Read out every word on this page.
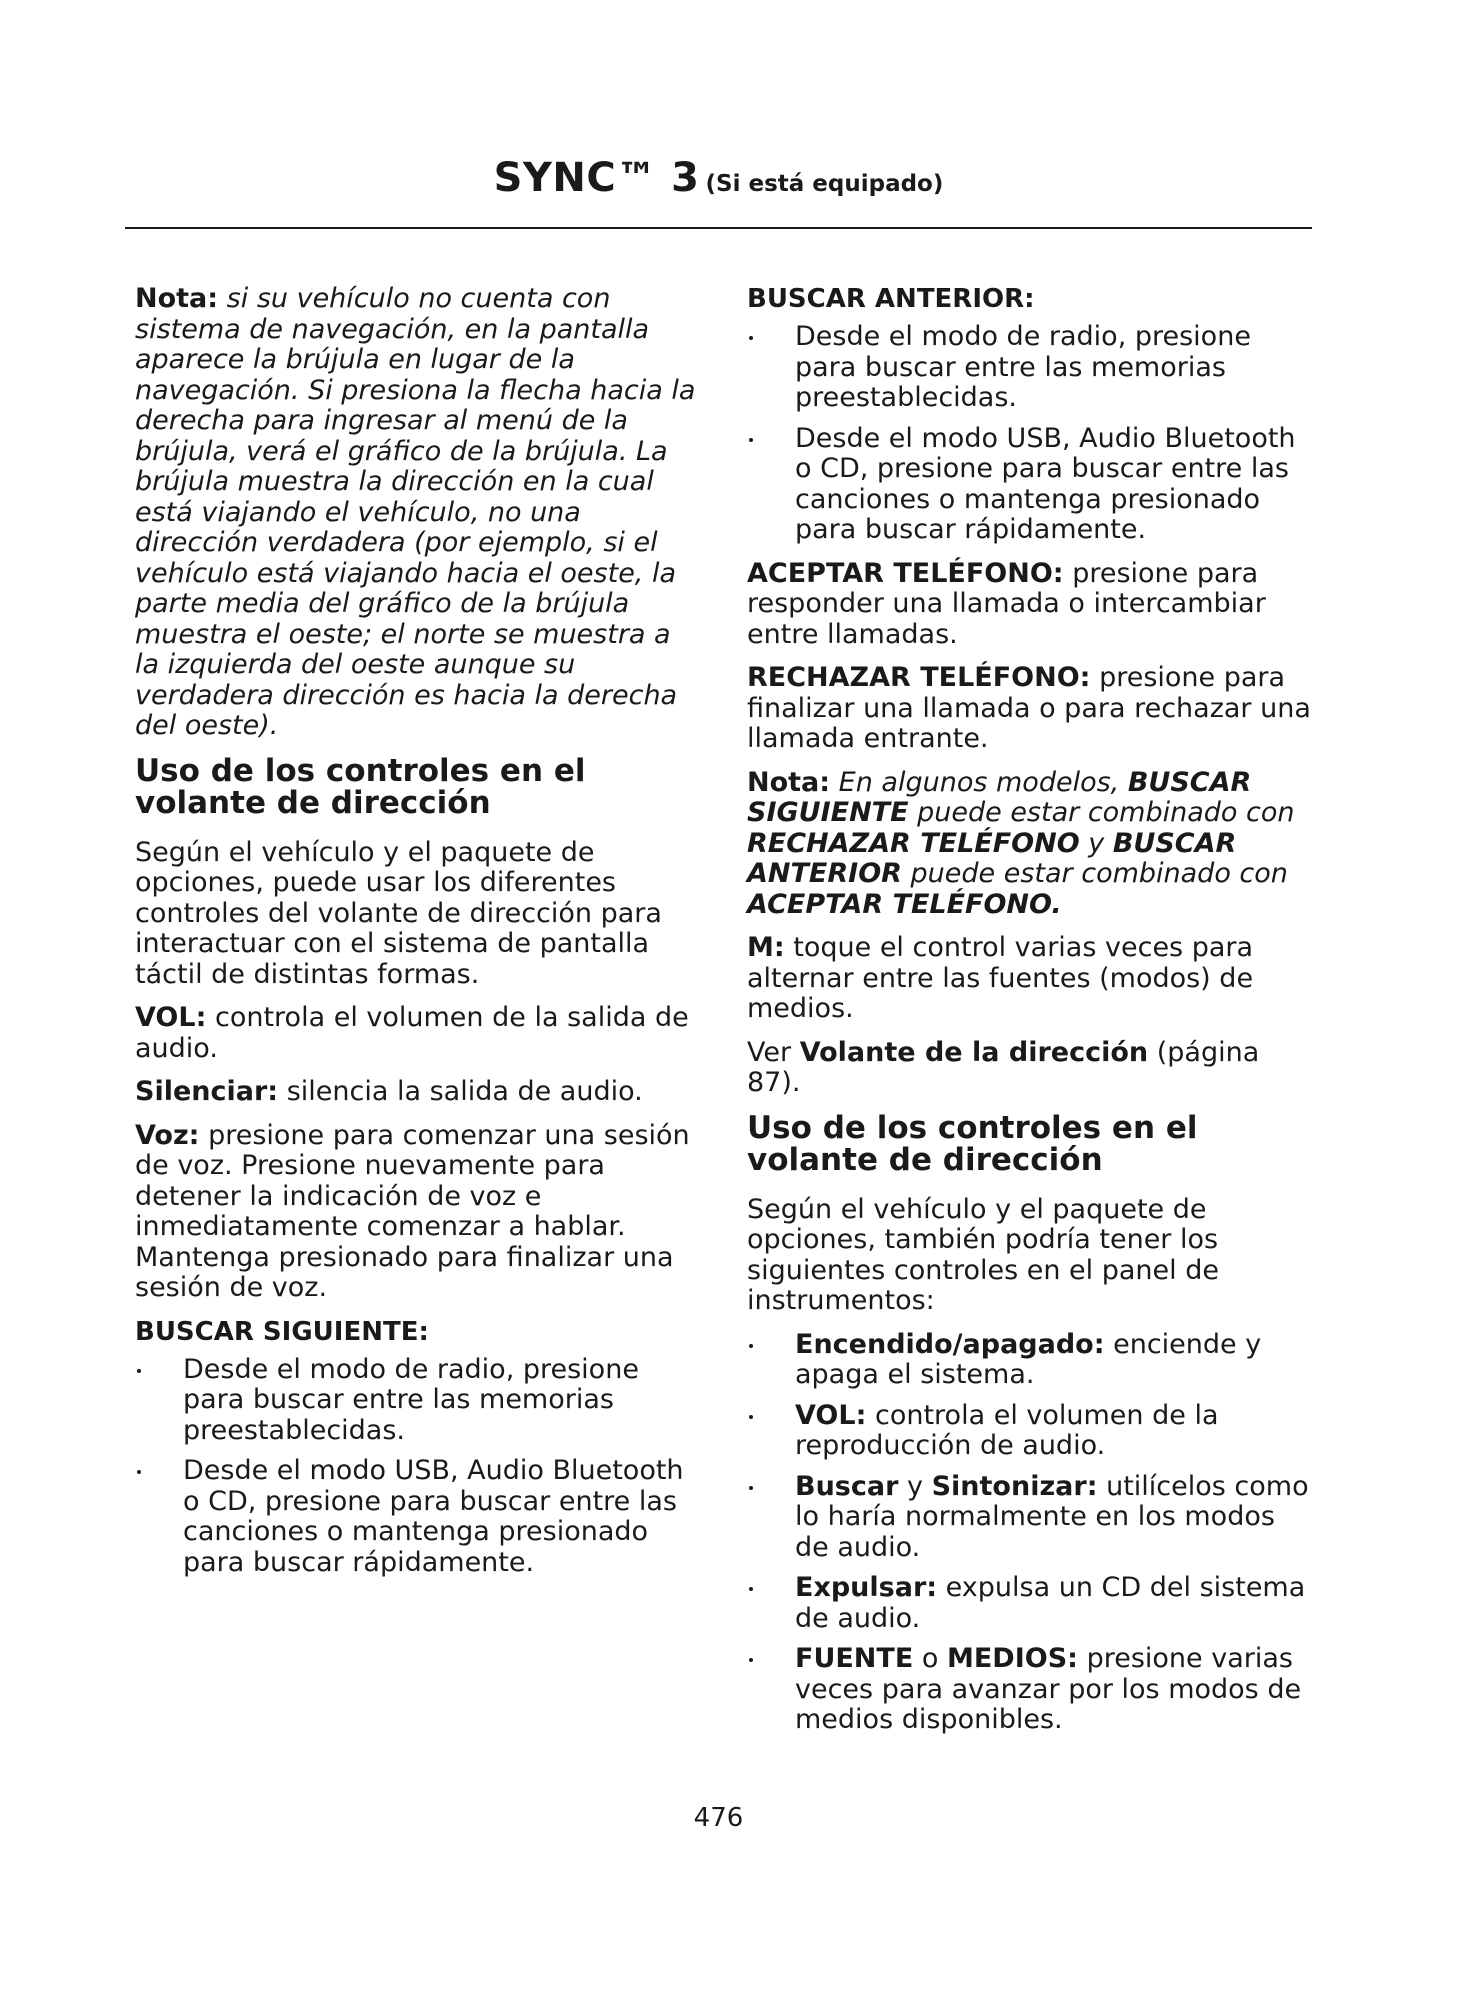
SYNC™ 3 (Si está equipado)

Nota: si su vehículo no cuenta con sistema de navegación, en la pantalla aparece la brújula en lugar de la navegación. Si presiona la flecha hacia la derecha para ingresar al menú de la brújula, verá el gráfico de la brújula. La brújula muestra la dirección en la cual está viajando el vehículo, no una dirección verdadera (por ejemplo, si el vehículo está viajando hacia el oeste, la parte media del gráfico de la brújula muestra el oeste; el norte se muestra a la izquierda del oeste aunque su verdadera dirección es hacia la derecha del oeste).

Uso de los controles en el volante de dirección

Según el vehículo y el paquete de opciones, puede usar los diferentes controles del volante de dirección para interactuar con el sistema de pantalla táctil de distintas formas.

VOL: controla el volumen de la salida de audio.

Silenciar: silencia la salida de audio.

Voz: presione para comenzar una sesión de voz. Presione nuevamente para detener la indicación de voz e inmediatamente comenzar a hablar. Mantenga presionado para finalizar una sesión de voz.

BUSCAR SIGUIENTE:
Desde el modo de radio, presione para buscar entre las memorias preestablecidas.
Desde el modo USB, Audio Bluetooth o CD, presione para buscar entre las canciones o mantenga presionado para buscar rápidamente.
BUSCAR ANTERIOR:
Desde el modo de radio, presione para buscar entre las memorias preestablecidas.
Desde el modo USB, Audio Bluetooth o CD, presione para buscar entre las canciones o mantenga presionado para buscar rápidamente.

ACEPTAR TELÉFONO: presione para responder una llamada o intercambiar entre llamadas.

RECHAZAR TELÉFONO: presione para finalizar una llamada o para rechazar una llamada entrante.

Nota: En algunos modelos, BUSCAR SIGUIENTE puede estar combinado con RECHAZAR TELÉFONO y BUSCAR ANTERIOR puede estar combinado con ACEPTAR TELÉFONO.

M: toque el control varias veces para alternar entre las fuentes (modos) de medios.

Ver Volante de la dirección (página 87).

Uso de los controles en el volante de dirección

Según el vehículo y el paquete de opciones, también podría tener los siguientes controles en el panel de instrumentos:

Encendido/apagado: enciende y apaga el sistema.
VOL: controla el volumen de la reproducción de audio.
Buscar y Sintonizar: utilícelos como lo haría normalmente en los modos de audio.
Expulsar: expulsa un CD del sistema de audio.
FUENTE o MEDIOS: presione varias veces para avanzar por los modos de medios disponibles.
476
